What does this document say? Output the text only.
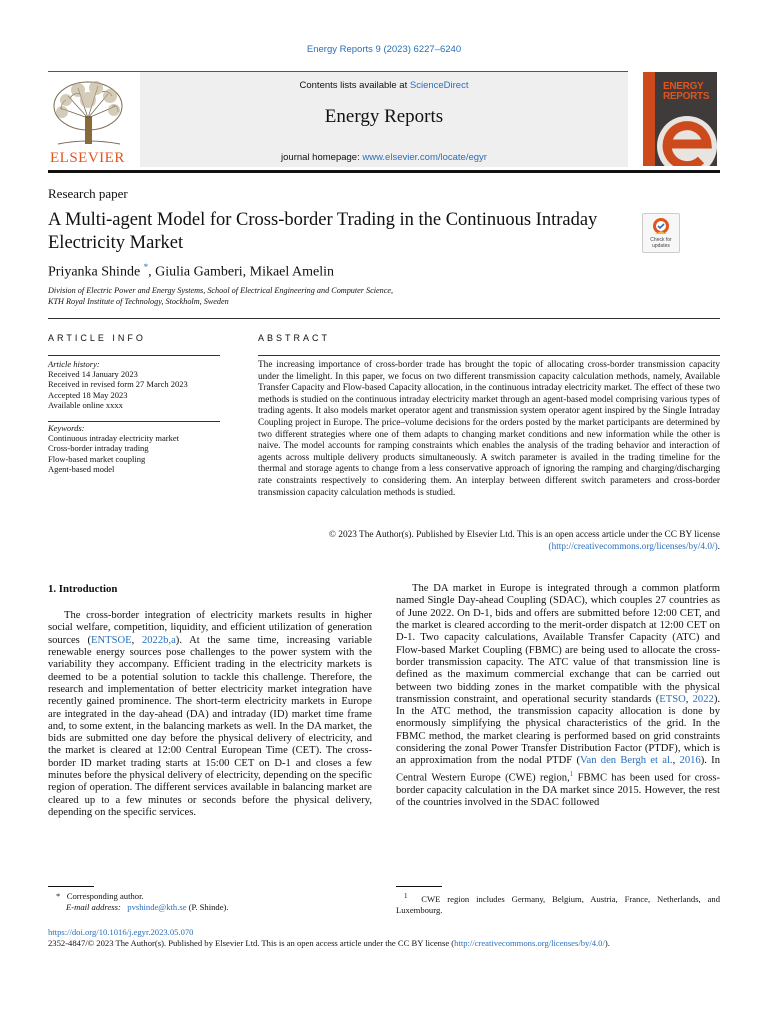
Energy Reports 9 (2023) 6227–6240
Contents lists available at ScienceDirect
Energy Reports
journal homepage: www.elsevier.com/locate/egyr
ELSEVIER
ENERGY
REPORTS
Research paper
A Multi-agent Model for Cross-border Trading in the Continuous Intraday Electricity Market	Check for updates
Priyanka Shinde *, Giulia Gamberi, Mikael Amelin
Division of Electric Power and Energy Systems, School of Electrical Engineering and Computer Science,
KTH Royal Institute of Technology, Stockholm, Sweden
ARTICLE INFO
Article history:
Received 14 January 2023
Received in revised form 27 March 2023
Accepted 18 May 2023
Available online xxxx
Keywords:
Continuous intraday electricity market
Cross-border intraday trading
Flow-based market coupling
Agent-based model
ABSTRACT
The increasing importance of cross-border trade has brought the topic of allocating cross-border transmission capacity under the limelight. In this paper, we focus on two different transmission capacity calculation methods, namely, Available Transfer Capacity and Flow-based Capacity allocation, in the continuous intraday electricity market. The effect of these two methods is studied on the continuous intraday electricity market through an agent-based model comprising various types of trading agents. It also models market operator agent and transmission system operator agent inspired by the Single Intraday Coupling project in Europe. The price–volume decisions for the orders posted by the market participants are determined by two different strategies where one of them adapts to changing market conditions and new information while the other is naive. The model accounts for ramping constraints which enables the analysis of the trading behavior and interaction of agents across multiple delivery products simultaneously. A switch parameter is availed in the trading timeline for the thermal and storage agents to change from a less conservative approach of ignoring the ramping and charging/discharging rate constraints respectively to considering them. An interplay between different switch parameters and cross-border transmission capacity calculation methods is studied.
© 2023 The Author(s). Published by Elsevier Ltd. This is an open access article under the CC BY license
(http://creativecommons.org/licenses/by/4.0/).
1. Introduction

The cross-border integration of electricity markets results in higher social welfare, competition, liquidity, and efficient utilization of generation sources (ENTSOE, 2022b,a). At the same time, increasing variable renewable energy sources pose challenges to the power system with the variability they accompany. Efficient trading in the electricity markets is deemed to be a potential solution to tackle this challenge. Therefore, the research and implementation of better electricity market integration have recently gained prominence. The short-term electricity markets in Europe are integrated in the day-ahead (DA) and intraday (ID) market time frame and, to some extent, in the balancing markets as well. In the DA market, the bids are submitted one day before the physical delivery of electricity, and the market is cleared at 12:00 Central European Time (CET). The cross-border ID market trading starts at 15:00 CET on D-1 and closes a few minutes before the physical delivery of electricity, depending on the specific region of operation. The different services available in balancing market are cleared up to a few minutes or seconds before the physical delivery, depending on the specific services.

The DA market in Europe is integrated through a common platform named Single Day-ahead Coupling (SDAC), which couples 27 countries as of June 2022. On D-1, bids and offers are submitted before 12:00 CET, and the market is cleared according to the merit-order dispatch at 12:00 CET on D-1. Two capacity calculations, Available Transfer Capacity (ATC) and Flow-based Market Coupling (FBMC) are being used to allocate the cross-border transmission capacity. The ATC value of that transmission line is defined as the maximum commercial exchange that can be carried out between two bidding zones in the market compatible with the physical transmission constraint, and operational security standards (ETSO, 2022). In the ATC method, the transmission capacity allocation is done by enormously simplifying the physical characteristics of the grid. In the FBMC method, the market clearing is performed based on grid constraints considering the zonal Power Transfer Distribution Factor (PTDF), which is an approximation from the nodal PTDF (Van den Bergh et al., 2016). In Central Western Europe (CWE) region,$^1$ FBMC has been used for cross-border capacity calculation in the DA market since 2015. However, the rest of the countries involved in the SDAC followed

* Corresponding author.
E-mail address: pvshinde@kth.se (P. Shinde).
$^1$ CWE region includes Germany, Belgium, Austria, France, Netherlands, and Luxembourg.
https://doi.org/10.1016/j.egyr.2023.05.070
2352-4847/© 2023 The Author(s). Published by Elsevier Ltd. This is an open access article under the CC BY license (http://creativecommons.org/licenses/by/4.0/).
